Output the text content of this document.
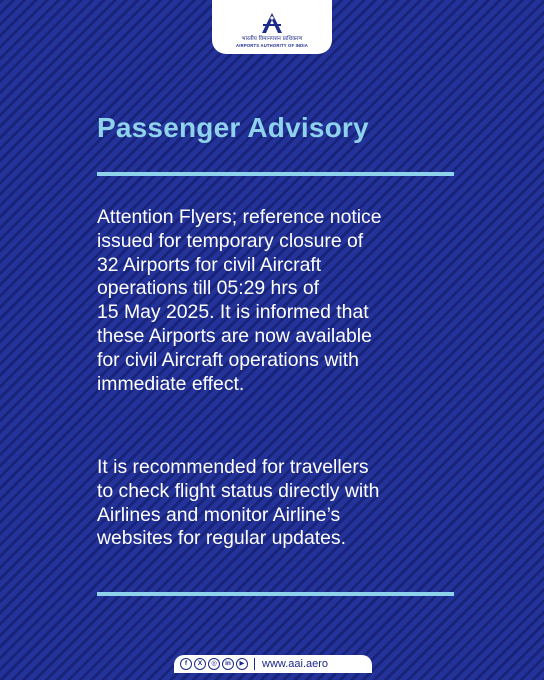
भारतीय विमानपत्तन प्राधिकरण
AIRPORTS AUTHORITY OF INDIA
Passenger Advisory
Attention Flyers; reference notice
issued for temporary closure of
32 Airports for civil Aircraft
operations till 05:29 hrs of
15 May 2025. It is informed that
these Airports are now available
for civil Aircraft operations with
immediate effect.
It is recommended for travellers
to check flight status directly with
Airlines and monitor Airline’s
websites for regular updates.
f	X	◎	in	▶	www.aai.aero
